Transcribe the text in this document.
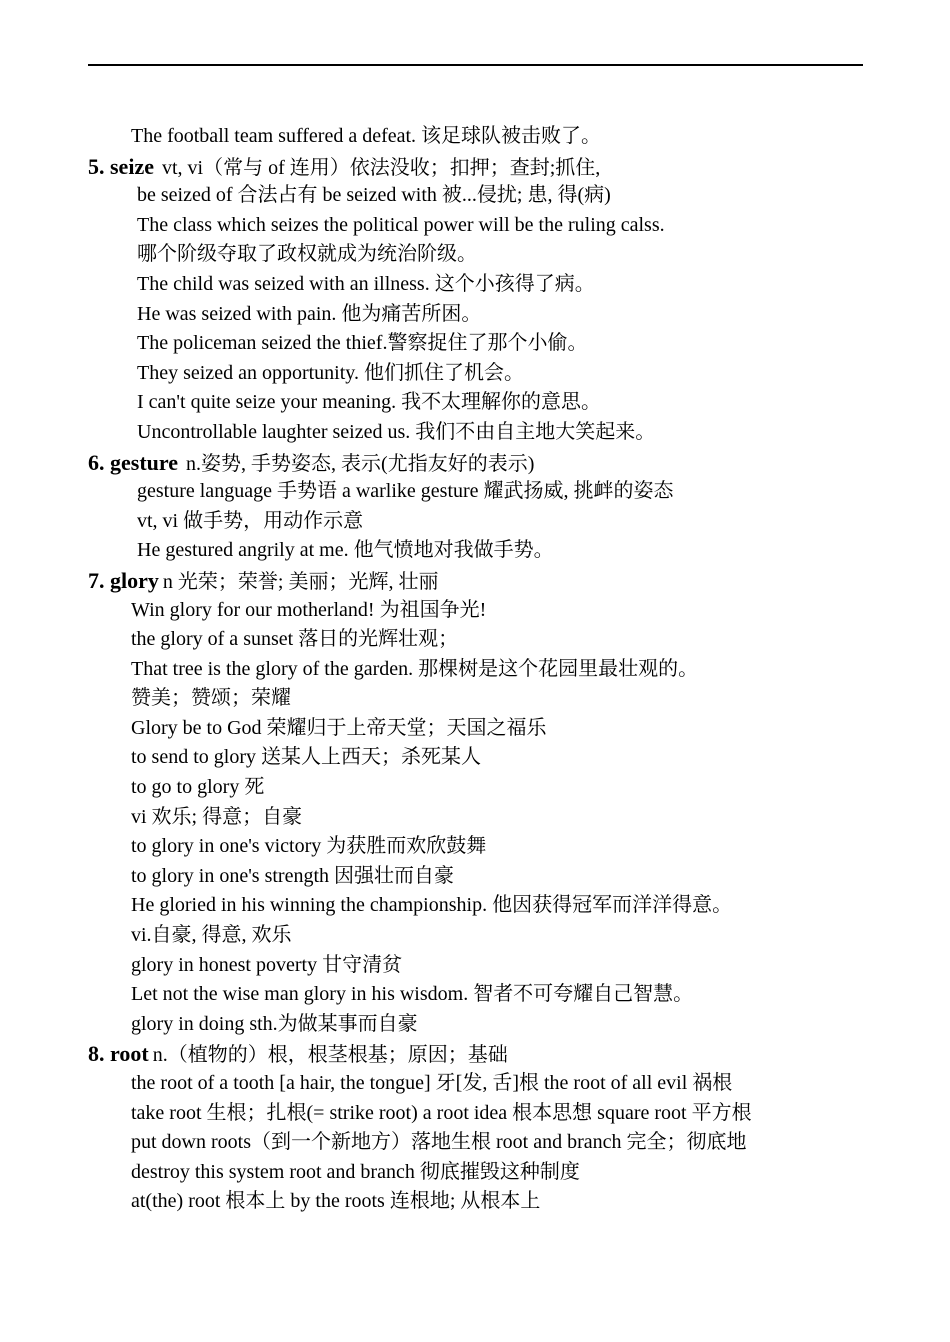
The football team suffered a defeat. 该足球队被击败了。
5. seize vt, vi（常与 of 连用）依法没收；扣押；查封;抓住,
be seized of 合法占有 be seized with 被...侵扰; 患, 得(病)
The class which seizes the political power will be the ruling calss.
哪个阶级夺取了政权就成为统治阶级。
The child was seized with an illness. 这个小孩得了病。
He was seized with pain. 他为痛苦所困。
The policeman seized the thief.警察捉住了那个小偷。
They seized an opportunity. 他们抓住了机会。
I can't quite seize your meaning. 我不太理解你的意思。
Uncontrollable laughter seized us. 我们不由自主地大笑起来。
6. gesture n.姿势, 手势姿态, 表示(尤指友好的表示)
gesture language 手势语 a warlike gesture 耀武扬威, 挑衅的姿态
vt, vi 做手势，用动作示意
He gestured angrily at me. 他气愤地对我做手势。
7. glory n 光荣；荣誉; 美丽；光辉, 壮丽
Win glory for our motherland! 为祖国争光!
the glory of a sunset 落日的光辉壮观；
That tree is the glory of the garden. 那棵树是这个花园里最壮观的。
赞美；赞颂；荣耀
Glory be to God 荣耀归于上帝天堂；天国之福乐
to send to glory 送某人上西天；杀死某人
to go to glory 死
vi 欢乐; 得意；自豪
to glory in one's victory 为获胜而欢欣鼓舞
to glory in one's strength 因强壮而自豪
He gloried in his winning the championship. 他因获得冠军而洋洋得意。
vi.自豪, 得意, 欢乐
glory in honest poverty 甘守清贫
Let not the wise man glory in his wisdom. 智者不可夸耀自己智慧。
glory in doing sth.为做某事而自豪
8. root n.（植物的）根，根茎根基；原因；基础
the root of a tooth [a hair, the tongue] 牙[发, 舌]根 the root of all evil 祸根
take root 生根；扎根(= strike root) a root idea 根本思想 square root 平方根
put down roots（到一个新地方）落地生根 root and branch 完全；彻底地
destroy this system root and branch 彻底摧毁这种制度
at(the) root 根本上 by the roots 连根地; 从根本上
